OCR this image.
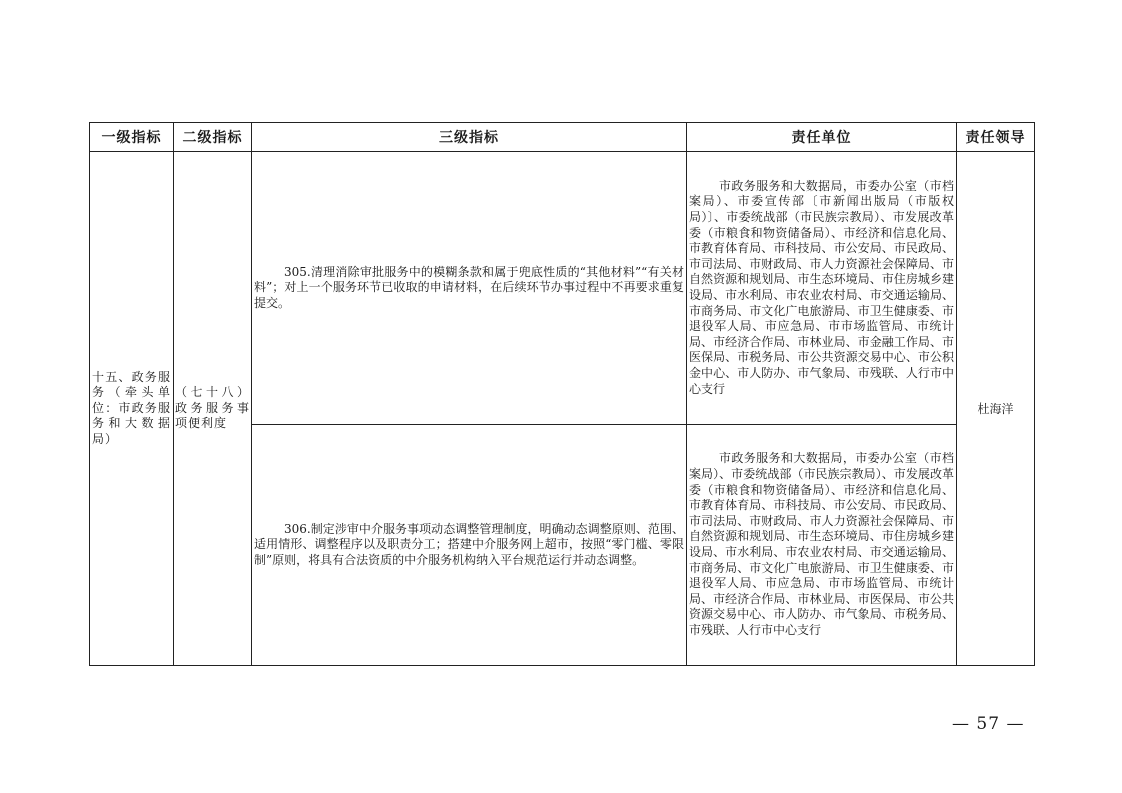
一级指标	二级指标	三级指标	责任单位	责任领导
十五、政务服务（牵头单位：市政务服务和大数据局）	（七十八）政务服务事项便利度	305.清理消除审批服务中的模糊条款和属于兜底性质的“其他材料”“有关材料”；对上一个服务环节已收取的申请材料，在后续环节办事过程中不再要求重复提交。	市政务服务和大数据局，市委办公室（市档案局）、市委宣传部〔市新闻出版局（市版权局）〕、市委统战部（市民族宗教局）、市发展改革委（市粮食和物资储备局）、市经济和信息化局、市教育体育局、市科技局、市公安局、市民政局、市司法局、市财政局、市人力资源社会保障局、市自然资源和规划局、市生态环境局、市住房城乡建设局、市水利局、市农业农村局、市交通运输局、市商务局、市文化广电旅游局、市卫生健康委、市退役军人局、市应急局、市市场监管局、市统计局、市经济合作局、市林业局、市金融工作局、市医保局、市税务局、市公共资源交易中心、市公积金中心、市人防办、市气象局、市残联、人行市中心支行	杜海洋

		306.制定涉审中介服务事项动态调整管理制度，明确动态调整原则、范围、适用情形、调整程序以及职责分工；搭建中介服务网上超市，按照“零门槛、零限制”原则，将具有合法资质的中介服务机构纳入平台规范运行并动态调整。	市政务服务和大数据局，市委办公室（市档案局）、市委统战部（市民族宗教局）、市发展改革委（市粮食和物资储备局）、市经济和信息化局、市教育体育局、市科技局、市公安局、市民政局、市司法局、市财政局、市人力资源社会保障局、市自然资源和规划局、市生态环境局、市住房城乡建设局、市水利局、市农业农村局、市交通运输局、市商务局、市文化广电旅游局、市卫生健康委、市退役军人局、市应急局、市市场监管局、市统计局、市经济合作局、市林业局、市医保局、市公共资源交易中心、市人防办、市气象局、市税务局、市残联、人行市中心支行	
— 57 —
